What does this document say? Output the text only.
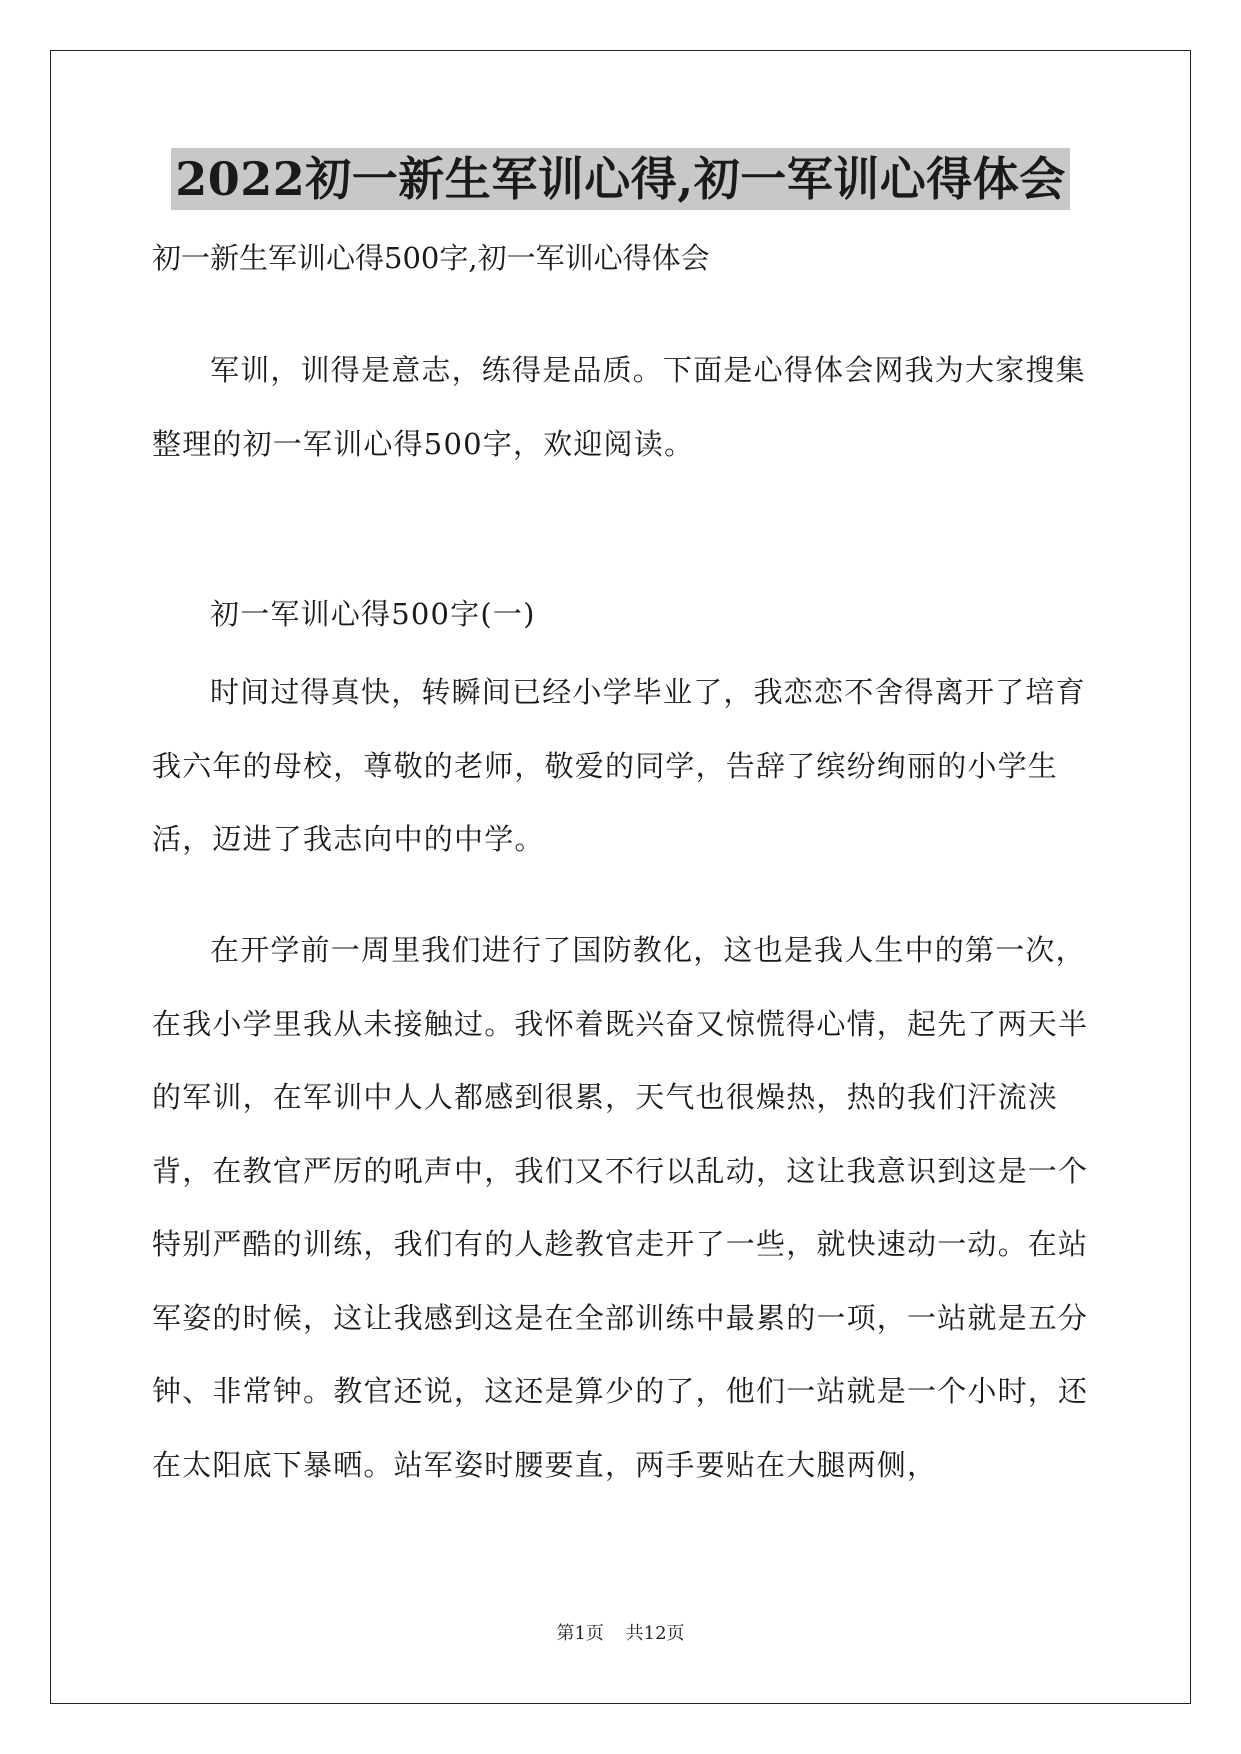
2022初一新生军训心得,初一军训心得体会
初一新生军训心得500字,初一军训心得体会

军训，训得是意志，练得是品质。下面是心得体会网我为大家搜集整理的初一军训心得500字，欢迎阅读。

初一军训心得500字(一)

时间过得真快，转瞬间已经小学毕业了，我恋恋不舍得离开了培育我六年的母校，尊敬的老师，敬爱的同学，告辞了缤纷绚丽的小学生活，迈进了我志向中的中学。

在开学前一周里我们进行了国防教化，这也是我人生中的第一次，在我小学里我从未接触过。我怀着既兴奋又惊慌得心情，起先了两天半的军训，在军训中人人都感到很累，天气也很燥热，热的我们汗流浃背，在教官严厉的吼声中，我们又不行以乱动，这让我意识到这是一个特别严酷的训练，我们有的人趁教官走开了一些，就快速动一动。在站军姿的时候，这让我感到这是在全部训练中最累的一项，一站就是五分钟、非常钟。教官还说，这还是算少的了，他们一站就是一个小时，还在太阳底下暴晒。站军姿时腰要直，两手要贴在大腿两侧，

第1页 共12页
